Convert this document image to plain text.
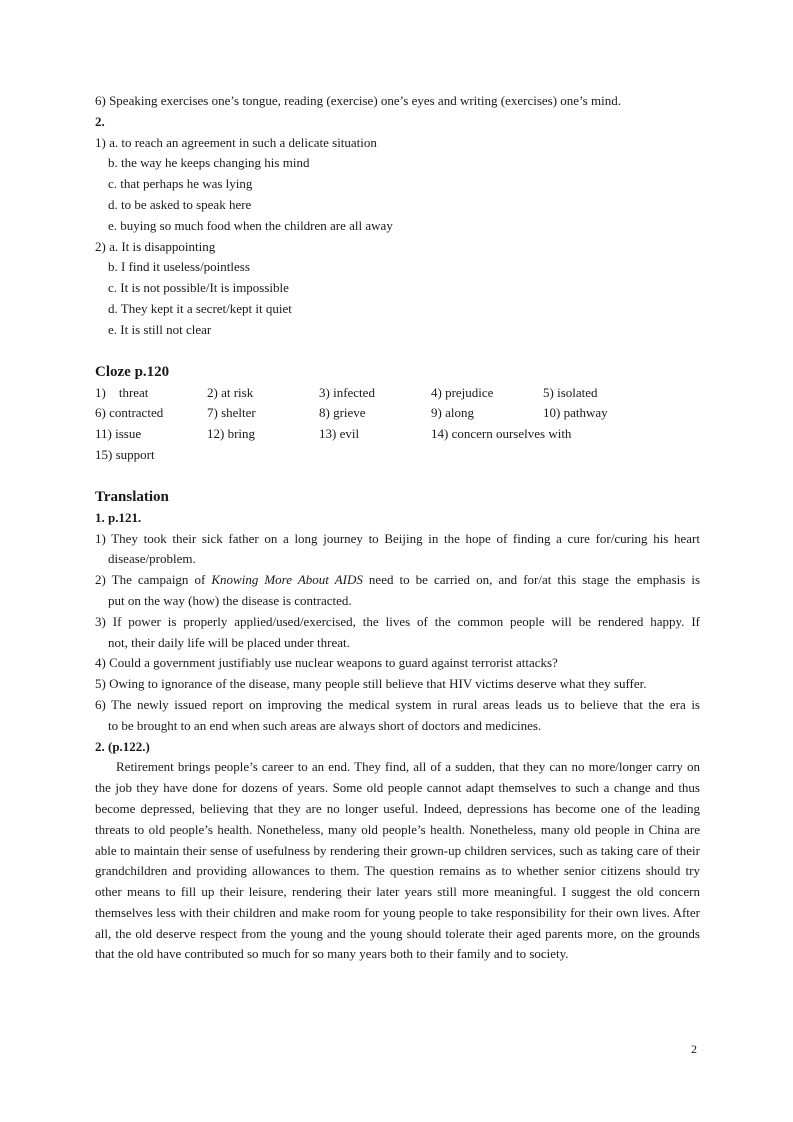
6) Speaking exercises one’s tongue, reading (exercise) one’s eyes and writing (exercises) one’s mind.
2.
1) a. to reach an agreement in such a delicate situation
b. the way he keeps changing his mind
c. that perhaps he was lying
d. to be asked to speak here
e. buying so much food when the children are all away
2) a. It is disappointing
b. I find it useless/pointless
c. It is not possible/It is impossible
d. They kept it a secret/kept it quiet
e. It is still not clear
Cloze p.120
1)    threat	2) at risk	3) infected	4) prejudice	5) isolated
6) contracted	7) shelter	8) grieve	9) along	10) pathway
11) issue	12) bring	13) evil	14) concern ourselves with
15) support
Translation
1. p.121.
1) They took their sick father on a long journey to Beijing in the hope of finding a cure for/curing his heart
disease/problem.
2) The campaign of Knowing More About AIDS need to be carried on, and for/at this stage the emphasis is
put on the way (how) the disease is contracted.
3) If power is properly applied/used/exercised, the lives of the common people will be rendered happy. If
not, their daily life will be placed under threat.
4) Could a government justifiably use nuclear weapons to guard against terrorist attacks?
5) Owing to ignorance of the disease, many people still believe that HIV victims deserve what they suffer.
6) The newly issued report on improving the medical system in rural areas leads us to believe that the era is
to be brought to an end when such areas are always short of doctors and medicines.
2. (p.122.)
Retirement brings people’s career to an end. They find, all of a sudden, that they can no more/longer carry on the job they have done for dozens of years. Some old people cannot adapt themselves to such a change and thus become depressed, believing that they are no longer useful. Indeed, depressions has become one of the leading threats to old people’s health. Nonetheless, many old people’s health. Nonetheless, many old people in China are able to maintain their sense of usefulness by rendering their grown-up children services, such as taking care of their grandchildren and providing allowances to them. The question remains as to whether senior citizens should try other means to fill up their leisure, rendering their later years still more meaningful. I suggest the old concern themselves less with their children and make room for young people to take responsibility for their own lives. After all, the old deserve respect from the young and the young should tolerate their aged parents more, on the grounds that the old have contributed so much for so many years both to their family and to society.
2
